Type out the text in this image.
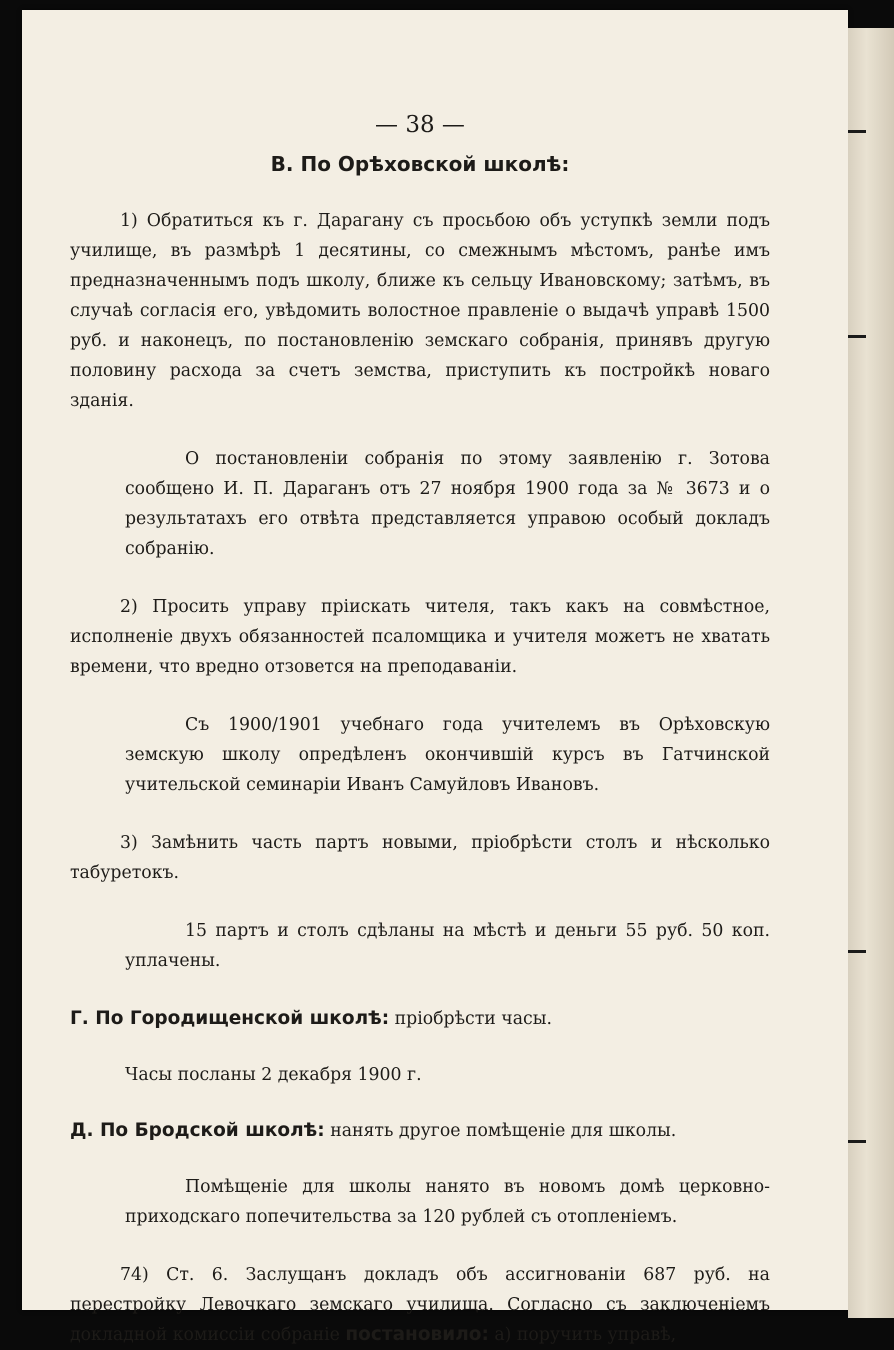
— 38 —
В. По Орѣховской школѣ:

1) Обратиться къ г. Дарагану съ просьбою объ уступкѣ земли подъ училище, въ размѣрѣ 1 десятины, со смежнымъ мѣстомъ, ранѣе имъ предназначеннымъ подъ школу, ближе къ сельцу Ивановскому; затѣмъ, въ случаѣ согласія его, увѣдомить волостное правленіе о выдачѣ управѣ 1500 руб. и наконецъ, по постановленію земскаго собранія, принявъ другую половину расхода за счетъ земства, приступить къ постройкѣ новаго зданія.

О постановленіи собранія по этому заявленію г. Зотова сообщено И. П. Дараганъ отъ 27 ноября 1900 года за № 3673 и о результатахъ его отвѣта представляется управою особый докладъ собранію.

2) Просить управу пріискать чителя, такъ какъ на совмѣстное, исполненіе двухъ обязанностей псаломщика и учителя можетъ не хватать времени, что вредно отзовется на преподаваніи.

Съ 1900/1901 учебнаго года учителемъ въ Орѣховскую земскую школу опредѣленъ окончившій курсъ въ Гатчинской учительской семинаріи Иванъ Самуйловъ Ивановъ.

3) Замѣнить часть партъ новыми, пріобрѣсти столъ и нѣсколько табуретокъ.

15 партъ и столъ сдѣланы на мѣстѣ и деньги 55 руб. 50 коп. уплачены.

Г. По Городищенской школѣ: пріобрѣсти часы.

Часы посланы 2 декабря 1900 г.

Д. По Бродской школѣ: нанять другое помѣщеніе для школы.

Помѣщеніе для школы нанято въ новомъ домѣ церковно-приходскаго попечительства за 120 рублей съ отопленіемъ.

74) Ст. 6. Заслущанъ докладъ объ ассигнованіи 687 руб. на перестройку Левочкаго земскаго училища. Согласно съ заключеніемъ докладной комиссіи собраніе постановило: а) поручить управѣ,
